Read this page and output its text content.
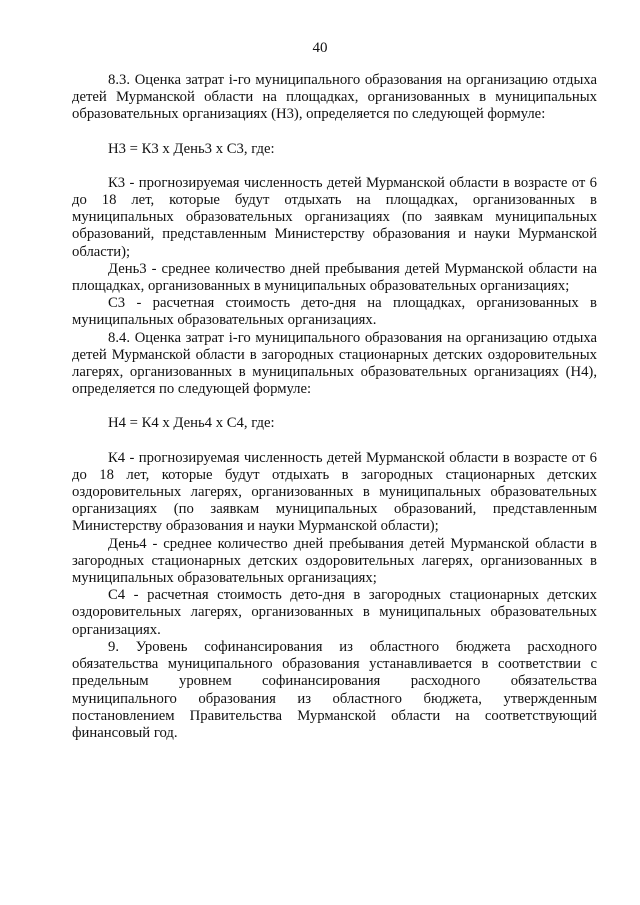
40

8.3. Оценка затрат i-го муниципального образования на организацию отдыха детей Мурманской области на площадках, организованных в муниципальных образовательных организациях (Н3), определяется по следующей формуле:

Н3 = К3 х День3 х С3, где:

К3 - прогнозируемая численность детей Мурманской области в возрасте от 6 до 18 лет, которые будут отдыхать на площадках, организованных в муниципальных образовательных организациях (по заявкам муниципальных образований, представленным Министерству образования и науки Мурманской области);

День3 - среднее количество дней пребывания детей Мурманской области на площадках, организованных в муниципальных образовательных организациях;

С3 - расчетная стоимость дето-дня на площадках, организованных в муниципальных образовательных организациях.

8.4. Оценка затрат i-го муниципального образования на организацию отдыха детей Мурманской области в загородных стационарных детских оздоровительных лагерях, организованных в муниципальных образовательных организациях (Н4), определяется по следующей формуле:

Н4 = К4 х День4 х С4, где:

К4 - прогнозируемая численность детей Мурманской области в возрасте от 6 до 18 лет, которые будут отдыхать в загородных стационарных детских оздоровительных лагерях, организованных в муниципальных образовательных организациях (по заявкам муниципальных образований, представленным Министерству образования и науки Мурманской области);

День4 - среднее количество дней пребывания детей Мурманской области в загородных стационарных детских оздоровительных лагерях, организованных в муниципальных образовательных организациях;

С4 - расчетная стоимость дето-дня в загородных стационарных детских оздоровительных лагерях, организованных в муниципальных образовательных организациях.

9. Уровень софинансирования из областного бюджета расходного обязательства муниципального образования устанавливается в соответствии с предельным уровнем софинансирования расходного обязательства муниципального образования из областного бюджета, утвержденным постановлением Правительства Мурманской области на соответствующий финансовый год.
